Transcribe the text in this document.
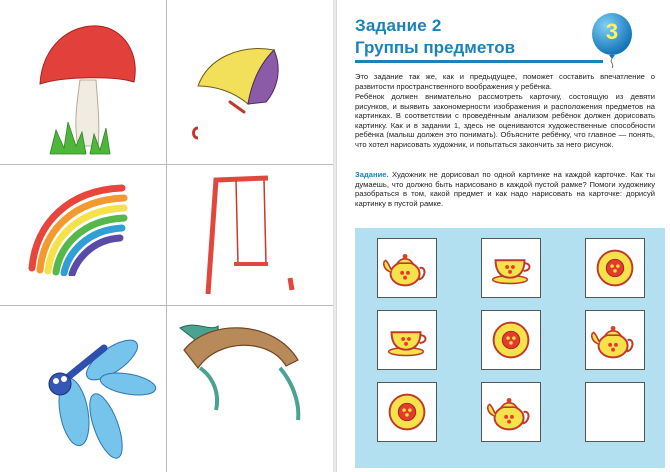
Задание 2
Группы предметов
3

Это задание так же, как и предыдущее, поможет составить впечатление о развитости пространственного воображения у ребёнка.

Ребёнок должен внимательно рассмотреть карточку, состоящую из девяти рисунков, и выявить закономерности изображения и расположения предметов на картинках. В соответствии с проведённым анализом ребёнок должен дорисовать картинку. Как и в задании 1, здесь не оцениваются художественные способности ребёнка (малыш должен это понимать). Объясните ребёнку, что главное — понять, что хотел нарисовать художник, и попытаться закончить за него рисунок.

Задание. Художник не дорисовал по одной картинке на каждой карточке. Как ты думаешь, что должно быть нарисовано в каждой пустой рамке? Помоги художнику разобраться в том, какой предмет и как надо нарисовать на карточке: дорисуй картинку в пустой рамке.
